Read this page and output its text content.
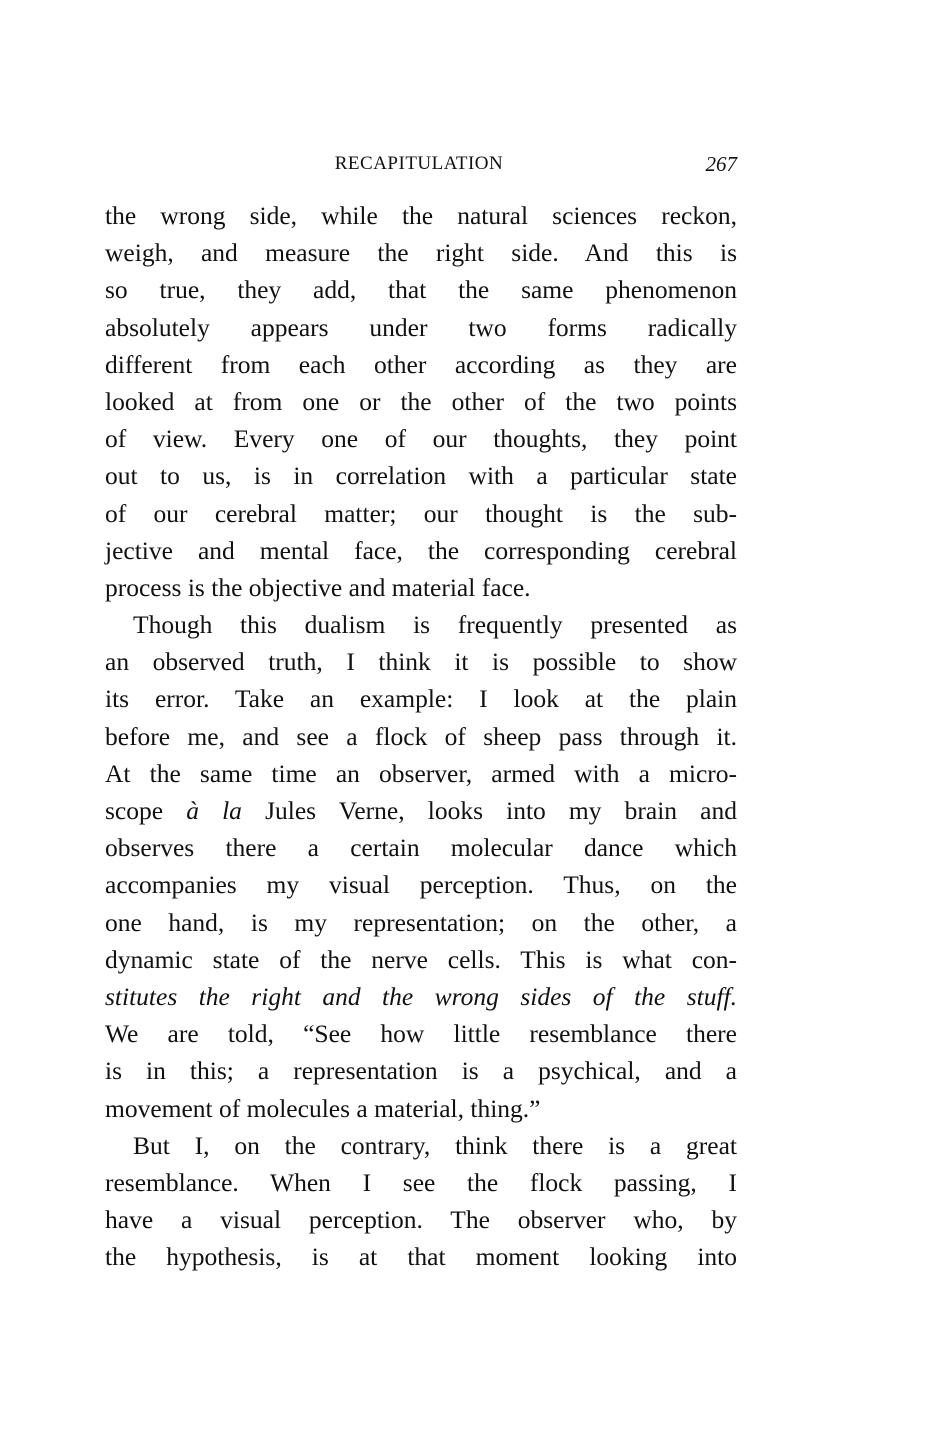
RECAPITULATION	267
the wrong side, while the natural sciences reckon,
weigh, and measure the right side. And this is
so true, they add, that the same phenomenon
absolutely appears under two forms radically
different from each other according as they are
looked at from one or the other of the two points
of view. Every one of our thoughts, they point
out to us, is in correlation with a particular state
of our cerebral matter; our thought is the sub-
jective and mental face, the corresponding cerebral
process is the objective and material face.
Though this dualism is frequently presented as
an observed truth, I think it is possible to show
its error. Take an example: I look at the plain
before me, and see a flock of sheep pass through it.
At the same time an observer, armed with a micro-
scope à la Jules Verne, looks into my brain and
observes there a certain molecular dance which
accompanies my visual perception. Thus, on the
one hand, is my representation; on the other, a
dynamic state of the nerve cells. This is what con-
stitutes the right and the wrong sides of the stuff.
We are told, “See how little resemblance there
is in this; a representation is a psychical, and a
movement of molecules a material, thing.”
But I, on the contrary, think there is a great
resemblance. When I see the flock passing, I
have a visual perception. The observer who, by
the hypothesis, is at that moment looking into
